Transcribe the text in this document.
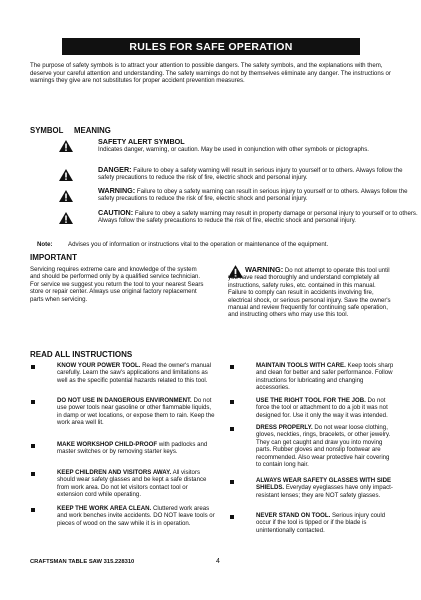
RULES FOR SAFE OPERATION
The purpose of safety symbols is to attract your attention to possible dangers. The safety symbols, and the explanations with them, deserve your careful attention and understanding. The safety warnings do not by themselves eliminate any danger. The instructions or warnings they give are not substitutes for proper accident prevention measures.
SYMBOL MEANING
SAFETY ALERT SYMBOL
Indicates danger, warning, or caution. May be used in conjunction with other symbols or pictographs.
DANGER: Failure to obey a safety warning will result in serious injury to yourself or to others. Always follow the safety precautions to reduce the risk of fire, electric shock and personal injury.
WARNING: Failure to obey a safety warning can result in serious injury to yourself or to others. Always follow the safety precautions to reduce the risk of fire, electric shock and personal injury.
CAUTION: Failure to obey a safety warning may result in property damage or personal injury to yourself or to others. Always follow the safety precautions to reduce the risk of fire, electric shock and personal injury.
Note:	Advises you of information or instructions vital to the operation or maintenance of the equipment.
IMPORTANT
Servicing requires extreme care and knowledge of the system and should be performed only by a qualified service technician. For service we suggest you return the tool to your nearest Sears store or repair center. Always use original factory replacement parts when servicing.
WARNING: Do not attempt to operate this tool until you have read thoroughly and understand completely all instructions, safety rules, etc. contained in this manual. Failure to comply can result in accidents involving fire, electrical shock, or serious personal injury. Save the owner's manual and review frequently for continuing safe operation, and instructing others who may use this tool.
READ ALL INSTRUCTIONS
KNOW YOUR POWER TOOL. Read the owner's manual carefully. Learn the saw's applications and limitations as well as the specific potential hazards related to this tool.
DO NOT USE IN DANGEROUS ENVIRONMENT. Do not use power tools near gasoline or other flammable liquids, in damp or wet locations, or expose them to rain. Keep the work area well lit.
MAKE WORKSHOP CHILD-PROOF with padlocks and master switches or by removing starter keys.
KEEP CHILDREN AND VISITORS AWAY. All visitors should wear safety glasses and be kept a safe distance from work area. Do not let visitors contact tool or extension cord while operating.
KEEP THE WORK AREA CLEAN. Cluttered work areas and work benches invite accidents. DO NOT leave tools or pieces of wood on the saw while it is in operation.
MAINTAIN TOOLS WITH CARE. Keep tools sharp and clean for better and safer performance. Follow instructions for lubricating and changing accessories.
USE THE RIGHT TOOL FOR THE JOB. Do not force the tool or attachment to do a job it was not designed for. Use it only the way it was intended.
DRESS PROPERLY. Do not wear loose clothing, gloves, neckties, rings, bracelets, or other jewelry. They can get caught and draw you into moving parts. Rubber gloves and nonslip footwear are recommended. Also wear protective hair covering to contain long hair.
ALWAYS WEAR SAFETY GLASSES WITH SIDE SHIELDS. Everyday eyeglasses have only impact-resistant lenses; they are NOT safety glasses.
NEVER STAND ON TOOL. Serious injury could occur if the tool is tipped or if the blade is unintentionally contacted.
CRAFTSMAN TABLE SAW 315.228310	4
